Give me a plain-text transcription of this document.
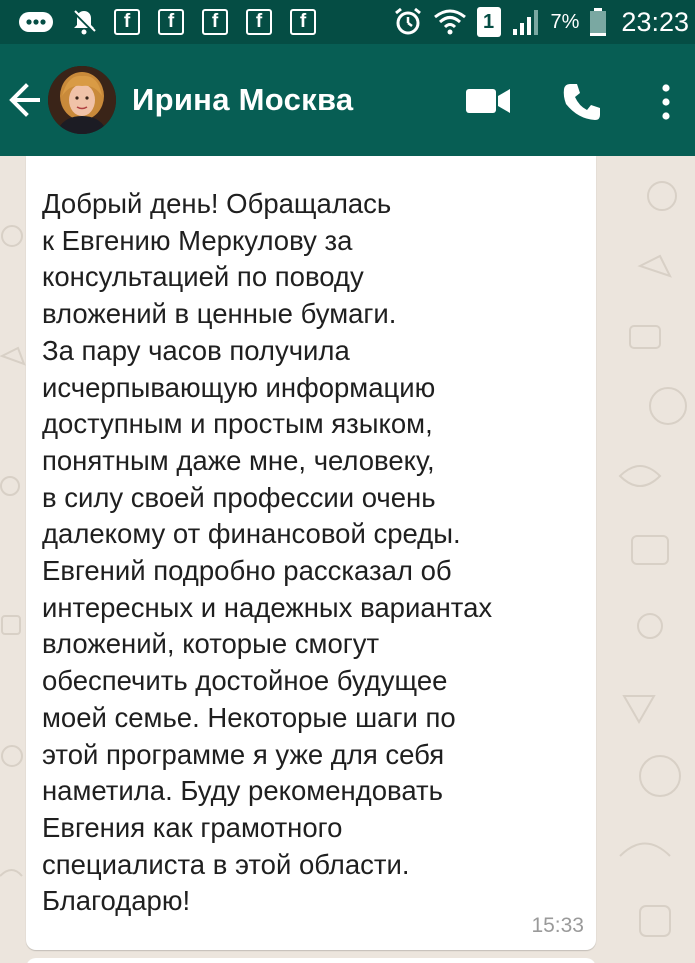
f	f	f	f	f	1	7% 23:23
Ирина Москва
Добрый день! Обращалась
к Евгению Меркулову за
консультацией по поводу
вложений в ценные бумаги.
За пару часов получила
исчерпывающую информацию
доступным и простым языком,
понятным даже мне, человеку,
в силу своей профессии очень
далекому от финансовой среды.
Евгений подробно рассказал об
интересных и надежных вариантах
вложений, которые смогут
обеспечить достойное будущее
моей семье. Некоторые шаги по
этой программе я уже для себя
наметила. Буду рекомендовать
Евгения как грамотного
специалиста в этой области.
Благодарю!
15:33
